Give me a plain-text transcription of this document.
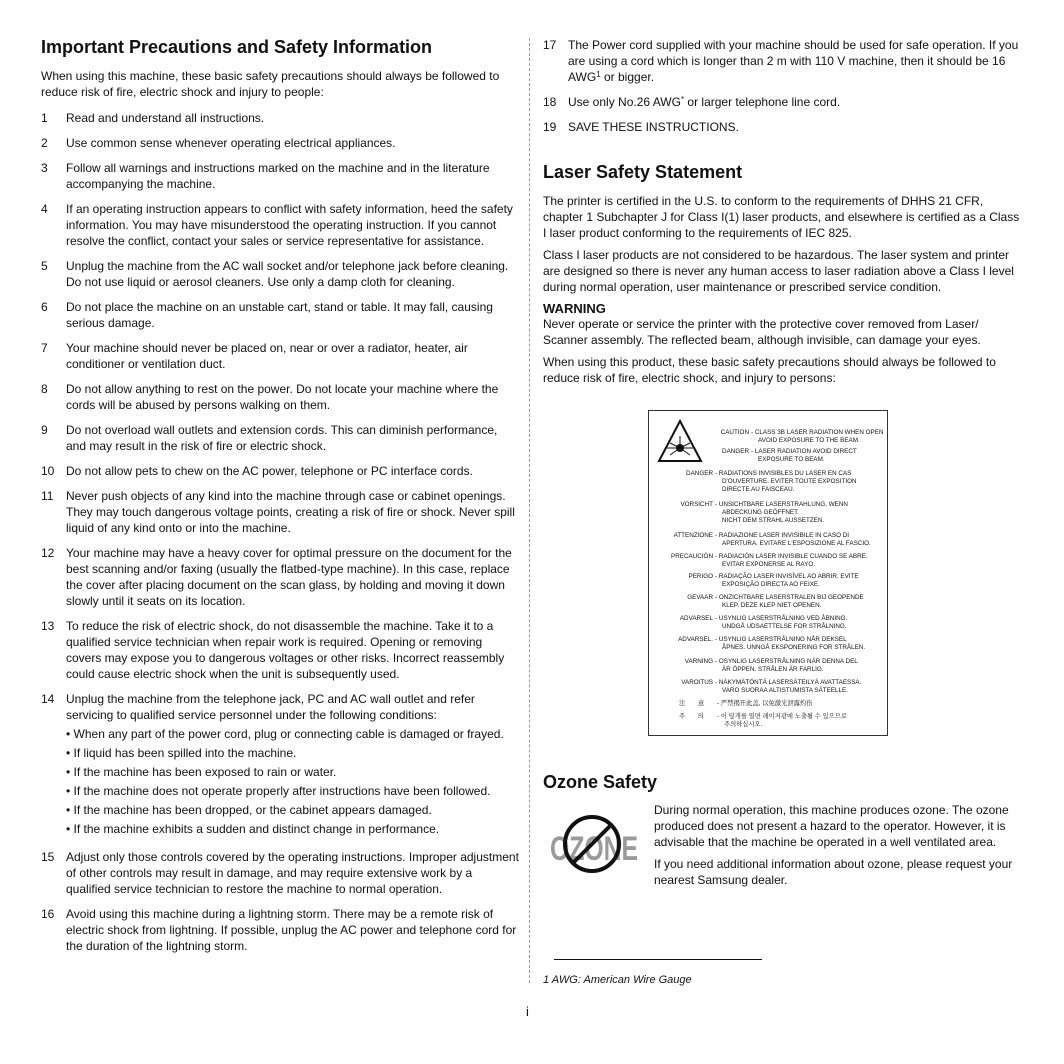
Important Precautions and Safety Information

When using this machine, these basic safety precautions should always be followed to reduce risk of fire, electric shock and injury to people:

1	Read and understand all instructions.
2	Use common sense whenever operating electrical appliances.
3	Follow all warnings and instructions marked on the machine and in the literature accompanying the machine.
4	If an operating instruction appears to conflict with safety information, heed the safety information. You may have misunderstood the operating instruction. If you cannot resolve the conflict, contact your sales or service representative for assistance.
5	Unplug the machine from the AC wall socket and/or telephone jack before cleaning. Do not use liquid or aerosol cleaners. Use only a damp cloth for cleaning.
6	Do not place the machine on an unstable cart, stand or table. It may fall, causing serious damage.
7	Your machine should never be placed on, near or over a radiator, heater, air conditioner or ventilation duct.
8	Do not allow anything to rest on the power. Do not locate your machine where the cords will be abused by persons walking on them.
9	Do not overload wall outlets and extension cords. This can diminish performance, and may result in the risk of fire or electric shock.
10 Do not allow pets to chew on the AC power, telephone or PC interface cords.
11	Never push objects of any kind into the machine through case or cabinet openings. They may touch dangerous voltage points, creating a risk of fire or shock. Never spill liquid of any kind onto or into the machine.
12 Your machine may have a heavy cover for optimal pressure on the document for the best scanning and/or faxing (usually the flatbed-type machine). In this case, replace the cover after placing document on the scan glass, by holding and moving it down slowly until it seats on its location.
13 To reduce the risk of electric shock, do not disassemble the machine. Take it to a qualified service technician when repair work is required. Opening or removing covers may expose you to dangerous voltages or other risks. Incorrect reassembly could cause electric shock when the unit is subsequently used.
14 Unplug the machine from the telephone jack, PC and AC wall outlet and refer servicing to qualified service personnel under the following conditions:
• When any part of the power cord, plug or connecting cable is damaged or frayed.
• If liquid has been spilled into the machine.
• If the machine has been exposed to rain or water.
• If the machine does not operate properly after instructions have been followed.
• If the machine has been dropped, or the cabinet appears damaged.
• If the machine exhibits a sudden and distinct change in performance.
15 Adjust only those controls covered by the operating instructions. Improper adjustment of other controls may result in damage, and may require extensive work by a qualified service technician to restore the machine to normal operation.
16 Avoid using this machine during a lightning storm. There may be a remote risk of electric shock from lightning. If possible, unplug the AC power and telephone cord for the duration of the lightning storm.
17 The Power cord supplied with your machine should be used for safe operation. If you are using a cord which is longer than 2 m with 110 V machine, then it should be 16 AWG$^1$ or bigger.
18 Use only No.26 AWG* or larger telephone line cord.
19 SAVE THESE INSTRUCTIONS.
Laser Safety Statement

The printer is certified in the U.S. to conform to the requirements of DHHS 21 CFR, chapter 1 Subchapter J for Class I(1) laser products, and elsewhere is certified as a Class I laser product conforming to the requirements of IEC 825.

Class I laser products are not considered to be hazardous. The laser system and printer are designed so there is never any human access to laser radiation above a Class I level during normal operation, user maintenance or prescribed service condition.

WARNING

Never operate or service the printer with the protective cover removed from Laser/ Scanner assembly. The reflected beam, although invisible, can damage your eyes.

When using this product, these basic safety precautions should always be followed to reduce risk of fire, electric shock, and injury to persons:

CAUTION - CLASS 3B LASER RADIATION WHEN OPEN
AVOID EXPOSURE TO THE BEAM.
DANGER - LASER RADIATION AVOID DIRECT
EXPOSURE TO BEAM.
DANGER - RADIATIONS INVISIBLES DU LASER EN CAS
D'OUVERTURE. EVITER TOUTE EXPOSITION
DIRECTE AU FAISCEAU.
VORSICHT - UNSICHTBARE LASERSTRAHLUNG, WENN
ABDECKUNG GEÖFFNET.
NICHT DEM STRAHL AUSSETZEN.
ATTENZIONE - RADIAZIONE LASER INVISIBILE IN CASO DI
APERTURA. EVITARE L'ESPOSIZIONE AL FASCIO.
PRECAUCIÓN - RADIACIÓN LASER INVISIBLE CUANDO SE ABRE.
EVITAR EXPONERSE AL RAYO.
PERIGO - RADIAÇÃO LASER INVISÍVEL AO ABRIR. EVITE
EXPOSIÇÃO DIRECTA AO FEIXE.
GEVAAR - ONZICHTBARE LASERSTRALEN BIJ GEOPENDE
KLEP. DEZE KLEP NIET OPENEN.
ADVARSEL - USYNLIG LASERSTRÅLNING VED ÅBNING.
UNDGÅ UDSAETTELSE FOR STRÅLNING.
ADVARSEL. - USYNLIG LASERSTRÅLNING NÅR DEKSEL
ÅPNES. UNNGÅ EKSPONERING FOR STRÅLEN.
VARNING - OSYNLIG LASERSTRÅLNING NÄR DENNA DEL
ÄR ÖPPEN. STRÅLEN ÄR FARLIG.
VAROITUS - NÄKYMÄTÖNTÄ LASERSÄTEILYÄ AVATTAESSA.
VARO SUORAA ALTISTUMISTA SÄTEELLE.
注　　意	- 严禁揭开此盖, 以免激光泄露灼伤
주　　의	- 이 덮개를 열면 레이저광에 노출될 수 있으므로
주의하십시오.
Ozone Safety
OZONE

During normal operation, this machine produces ozone. The ozone produced does not present a hazard to the operator. However, it is advisable that the machine be operated in a well ventilated area.

If you need additional information about ozone, please request your nearest Samsung dealer.

1 AWG: American Wire Gauge
i
